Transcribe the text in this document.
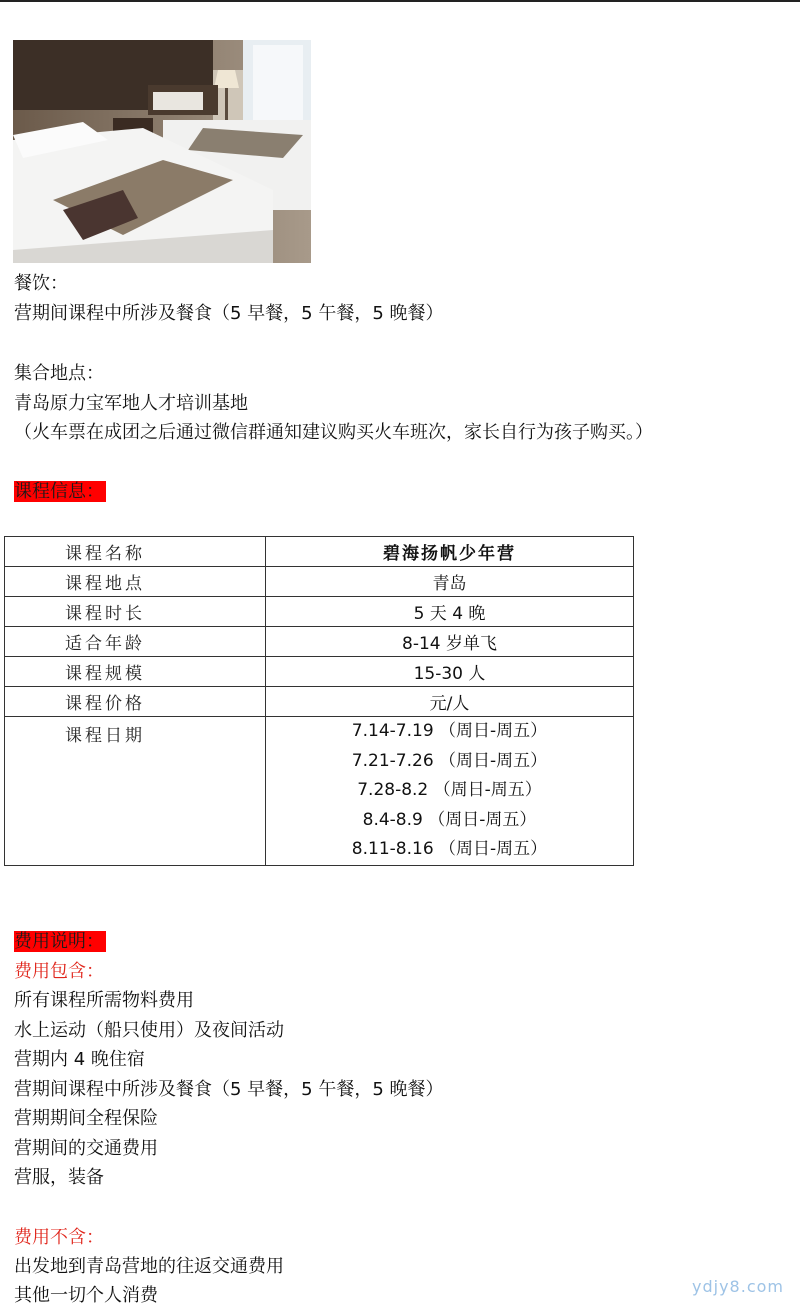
餐饮：
营期间课程中所涉及餐食（5 早餐，5 午餐，5 晚餐）
集合地点：
青岛原力宝军地人才培训基地
（火车票在成团之后通过微信群通知建议购买火车班次，家长自行为孩子购买。）
课程信息：
课程名称	碧海扬帆少年营
课程地点	青岛
课程时长	5 天 4 晚
适合年龄	8-14 岁单飞
课程规模	15-30 人
课程价格	元/人
课程日期	7.14-7.19 （周日-周五）
7.21-7.26 （周日-周五）
7.28-8.2 （周日-周五）
8.4-8.9 （周日-周五）
8.11-8.16 （周日-周五）
费用说明：
费用包含：
所有课程所需物料费用
水上运动（船只使用）及夜间活动
营期内 4 晚住宿
营期间课程中所涉及餐食（5 早餐，5 午餐，5 晚餐）
营期期间全程保险
营期间的交通费用
营服，装备
费用不含：
出发地到青岛营地的往返交通费用
其他一切个人消费	ydjy8.com
